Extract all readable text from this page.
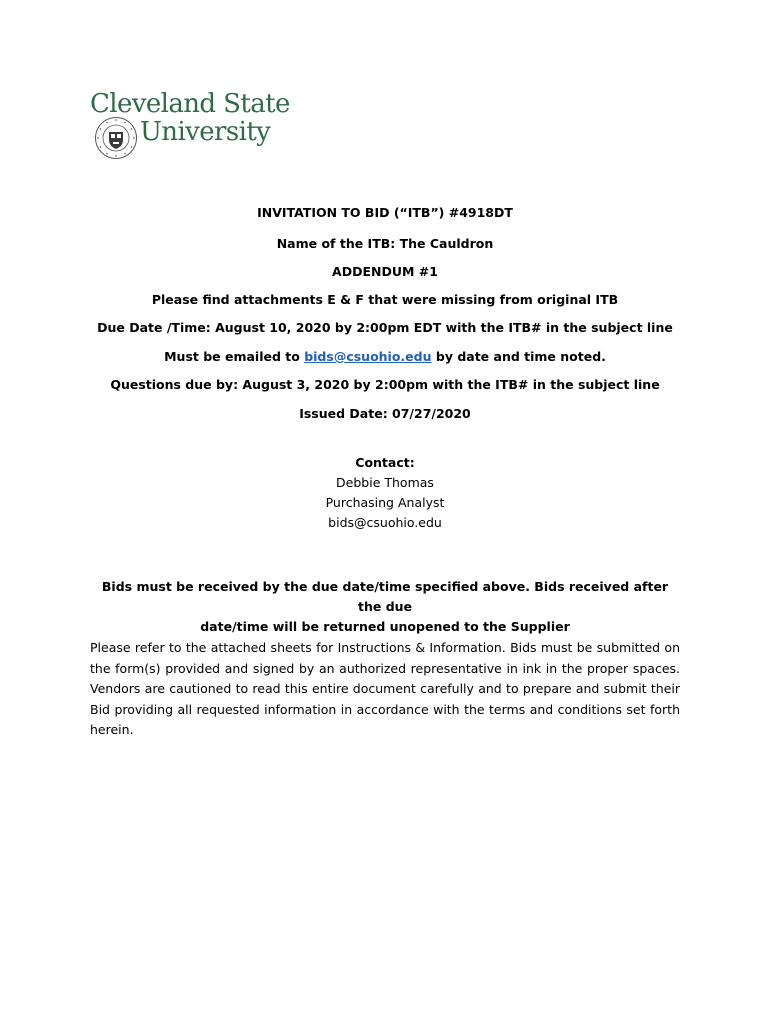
Cleveland State
University
INVITATION TO BID (“ITB”) #4918DT
Name of the ITB: The Cauldron
ADDENDUM #1
Please find attachments E & F that were missing from original ITB
Due Date /Time: August 10, 2020 by 2:00pm EDT with the ITB# in the subject line
Must be emailed to bids@csuohio.edu by date and time noted.
Questions due by: August 3, 2020 by 2:00pm with the ITB# in the subject line
Issued Date: 07/27/2020
Contact:
Debbie Thomas
Purchasing Analyst
bids@csuohio.edu
Bids must be received by the due date/time specified above. Bids received after the due
date/time will be returned unopened to the Supplier
Please refer to the attached sheets for Instructions & Information. Bids must be submitted on the form(s) provided and signed by an authorized representative in ink in the proper spaces. Vendors are cautioned to read this entire document carefully and to prepare and submit their Bid providing all requested information in accordance with the terms and conditions set forth herein.
